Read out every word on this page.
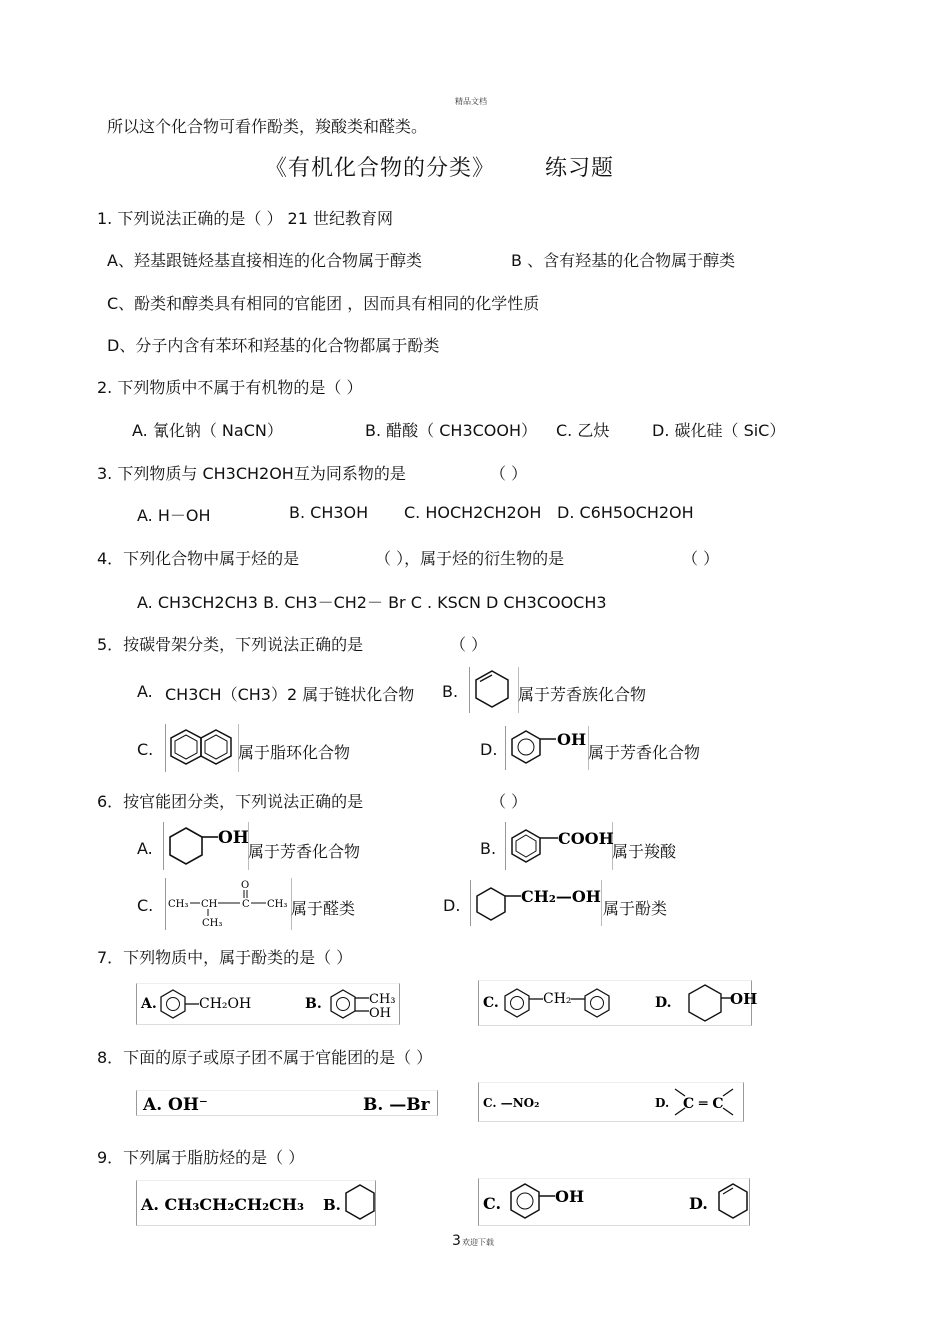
精品文档
所以这个化合物可看作酚类，羧酸类和醛类。
《有机化合物的分类》 练习题
1. 下列说法正确的是（ ） 21 世纪教育网
A、羟基跟链烃基直接相连的化合物属于醇类	B 、含有羟基的化合物属于醇类
C、酚类和醇类具有相同的官能团 ，因而具有相同的化学性质
D、分子内含有苯环和羟基的化合物都属于酚类
2. 下列物质中不属于有机物的是（ ）
A. 氰化钠（ NaCN）	B. 醋酸（ CH3COOH） C. 乙炔	D. 碳化硅（ SiC）
3. 下列物质与 CH3CH2OH互为同系物的是	（ ）
A. H－OH	B. CH3OH C. HOCH2CH2OH D. C6H5OCH2OH
4．下列化合物中属于烃的是	（ ），属于烃的衍生物的是	（ ）
A. CH3CH2CH3 B. CH3－CH2－ Br C . KSCN D CH3COOCH3
5．按碳骨架分类，下列说法正确的是	（ ）
A. CH3CH（CH3）2 属于链状化合物 B.	属于芳香族化合物
C.	属于脂环化合物	D.
OH
属于芳香化合物
6．按官能团分类，下列说法正确的是	（ ）
A.
OH
属于芳香化合物	B.
COOH
属于羧酸
C. CH₃ CH
CH₃
C
O
CH₃ 属于醛类	D.	CH₂—OH
属于酚类
7．下列物质中，属于酚类的是（ ）
A.	CH₂OH	B.	CH₃
OH
C.	CH₂	D.	OH
8．下面的原子或原子团不属于官能团的是（ ）
A. OH⁻	B. —Br	C. —NO₂	D. C ═ C
9．下列属于脂肪烃的是（ ）
A. CH₃CH₂CH₂CH₃ B.	C.	OH	D.
3 欢迎下载
